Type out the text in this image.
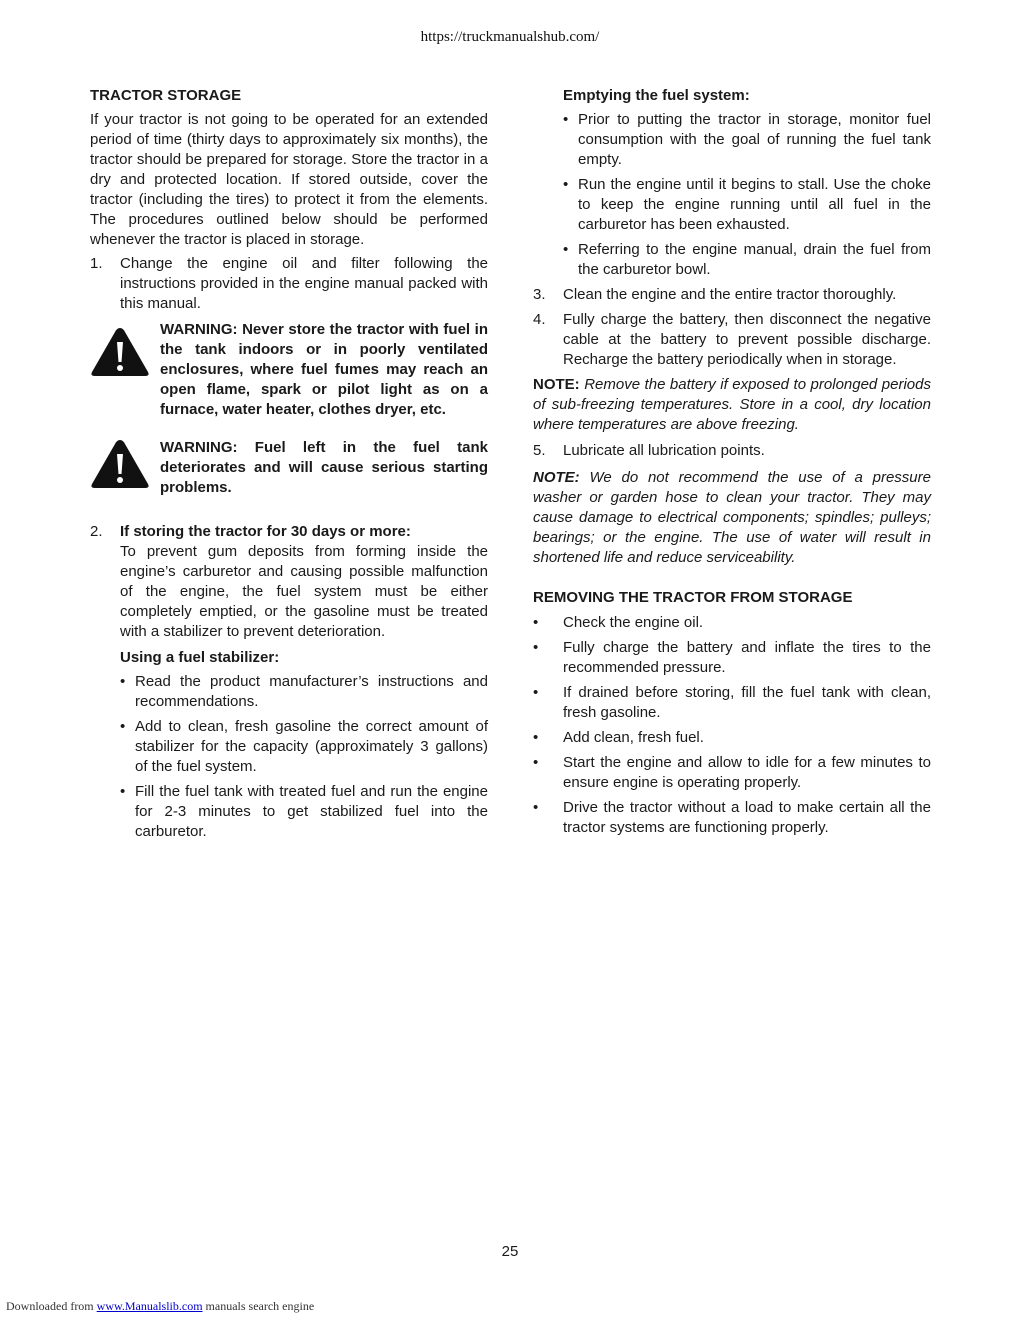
https://truckmanualshub.com/
TRACTOR STORAGE

If your tractor is not going to be operated for an extended period of time (thirty days to approximately six months), the tractor should be prepared for storage. Store the tractor in a dry and protected location. If stored outside, cover the tractor (including the tires) to protect it from the elements. The procedures outlined below should be performed whenever the tractor is placed in storage.

1.	Change the engine oil and filter following the instructions provided in the engine manual packed with this manual.

WARNING: Never store the tractor with fuel in the tank indoors or in poorly ventilated enclosures, where fuel fumes may reach an open flame, spark or pilot light as on a furnace, water heater, clothes dryer, etc.

WARNING: Fuel left in the fuel tank deteriorates and will cause serious starting problems.

2.	If storing the tractor for 30 days or more:

To prevent gum deposits from forming inside the engine’s carburetor and causing possible malfunction of the engine, the fuel system must be either completely emptied, or the gasoline must be treated with a stabilizer to prevent deterioration.

Using a fuel stabilizer:
• Read the product manufacturer’s instructions and recommendations.
• Add to clean, fresh gasoline the correct amount of stabilizer for the capacity (approximately 3 gallons) of the fuel system.
• Fill the fuel tank with treated fuel and run the engine for 2-3 minutes to get stabilized fuel into the carburetor.
Emptying the fuel system:
• Prior to putting the tractor in storage, monitor fuel consumption with the goal of running the fuel tank empty.
• Run the engine until it begins to stall. Use the choke to keep the engine running until all fuel in the carburetor has been exhausted.
• Referring to the engine manual, drain the fuel from the carburetor bowl.
3.	Clean the engine and the entire tractor thoroughly.
4.	Fully charge the battery, then disconnect the negative cable at the battery to prevent possible discharge. Recharge the battery periodically when in storage.

NOTE: Remove the battery if exposed to prolonged periods of sub-freezing temperatures. Store in a cool, dry location where temperatures are above freezing.

5.	Lubricate all lubrication points.

NOTE: We do not recommend the use of a pressure washer or garden hose to clean your tractor. They may cause damage to electrical components; spindles; pulleys; bearings; or the engine. The use of water will result in shortened life and reduce serviceability.

REMOVING THE TRACTOR FROM STORAGE
•	Check the engine oil.
•	Fully charge the battery and inflate the tires to the recommended pressure.
•	If drained before storing, fill the fuel tank with clean, fresh gasoline.
•	Add clean, fresh fuel.
•	Start the engine and allow to idle for a few minutes to ensure engine is operating properly.
•	Drive the tractor without a load to make certain all the tractor systems are functioning properly.
25
Downloaded from www.Manualslib.com manuals search engine
